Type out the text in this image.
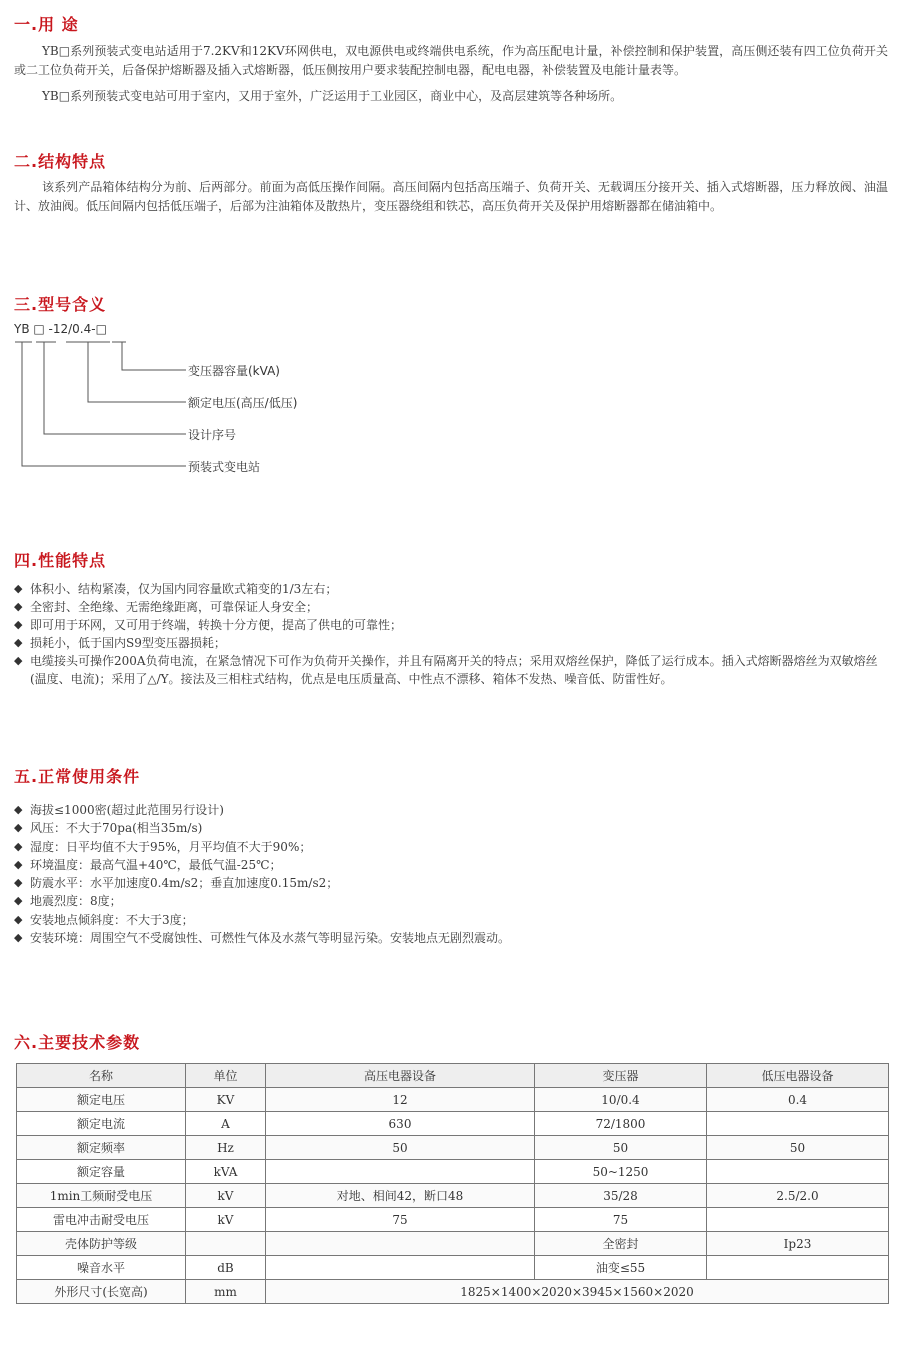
一.用 途

YB□系列预装式变电站适用于7.2KV和12KV环网供电，双电源供电或终端供电系统，作为高压配电计量，补偿控制和保护装置，高压侧还装有四工位负荷开关或二工位负荷开关，后备保护熔断器及插入式熔断器，低压侧按用户要求装配控制电器，配电电器，补偿装置及电能计量表等。

YB□系列预装式变电站可用于室内，又用于室外，广泛运用于工业园区，商业中心，及高层建筑等各种场所。

二.结构特点

该系列产品箱体结构分为前、后两部分。前面为高低压操作间隔。高压间隔内包括高压端子、负荷开关、无载调压分接开关、插入式熔断器，压力释放阀、油温计、放油阀。低压间隔内包括低压端子，后部为注油箱体及散热片，变压器绕组和铁芯，高压负荷开关及保护用熔断器都在储油箱中。

三.型号含义
YB □ -12/0.4-□
变压器容量(kVA)
额定电压(高压/低压)
设计序号
预装式变电站
四.性能特点
◆ 体积小、结构紧凑，仅为国内同容量欧式箱变的1/3左右；
◆ 全密封、全绝缘、无需绝缘距离，可靠保证人身安全；
◆ 即可用于环网，又可用于终端，转换十分方便，提高了供电的可靠性；
◆ 损耗小，低于国内S9型变压器损耗；
◆ 电缆接头可操作200A负荷电流，在紧急情况下可作为负荷开关操作，并且有隔离开关的特点；采用双熔丝保护，降低了运行成本。插入式熔断器熔丝为双敏熔丝(温度、电流)；采用了△/Y。接法及三相柱式结构，优点是电压质量高、中性点不漂移、箱体不发热、噪音低、防雷性好。
五.正常使用条件
◆ 海拔≤1000密(超过此范围另行设计)
◆ 风压：不大于70pa(相当35m/s)
◆ 湿度：日平均值不大于95%，月平均值不大于90%；
◆ 环境温度：最高气温+40℃，最低气温-25℃；
◆ 防震水平：水平加速度0.4m/s2；垂直加速度0.15m/s2；
◆ 地震烈度：8度；
◆ 安装地点倾斜度：不大于3度；
◆ 安装环境：周围空气不受腐蚀性、可燃性气体及水蒸气等明显污染。安装地点无剧烈震动。
六.主要技术参数
名称	单位	高压电器设备	变压器	低压电器设备
额定电压	KV	12	10/0.4	0.4
额定电流	A	630	72/1800	
额定频率	Hz	50	50	50
额定容量	kVA		50~1250	
1min工频耐受电压	kV	对地、相间42，断口48	35/28	2.5/2.0
雷电冲击耐受电压	kV	75	75	
壳体防护等级			全密封	Ip23
噪音水平	dB		油变≤55	
外形尺寸(长宽高)	mm	1825×1400×2020×3945×1560×2020		
